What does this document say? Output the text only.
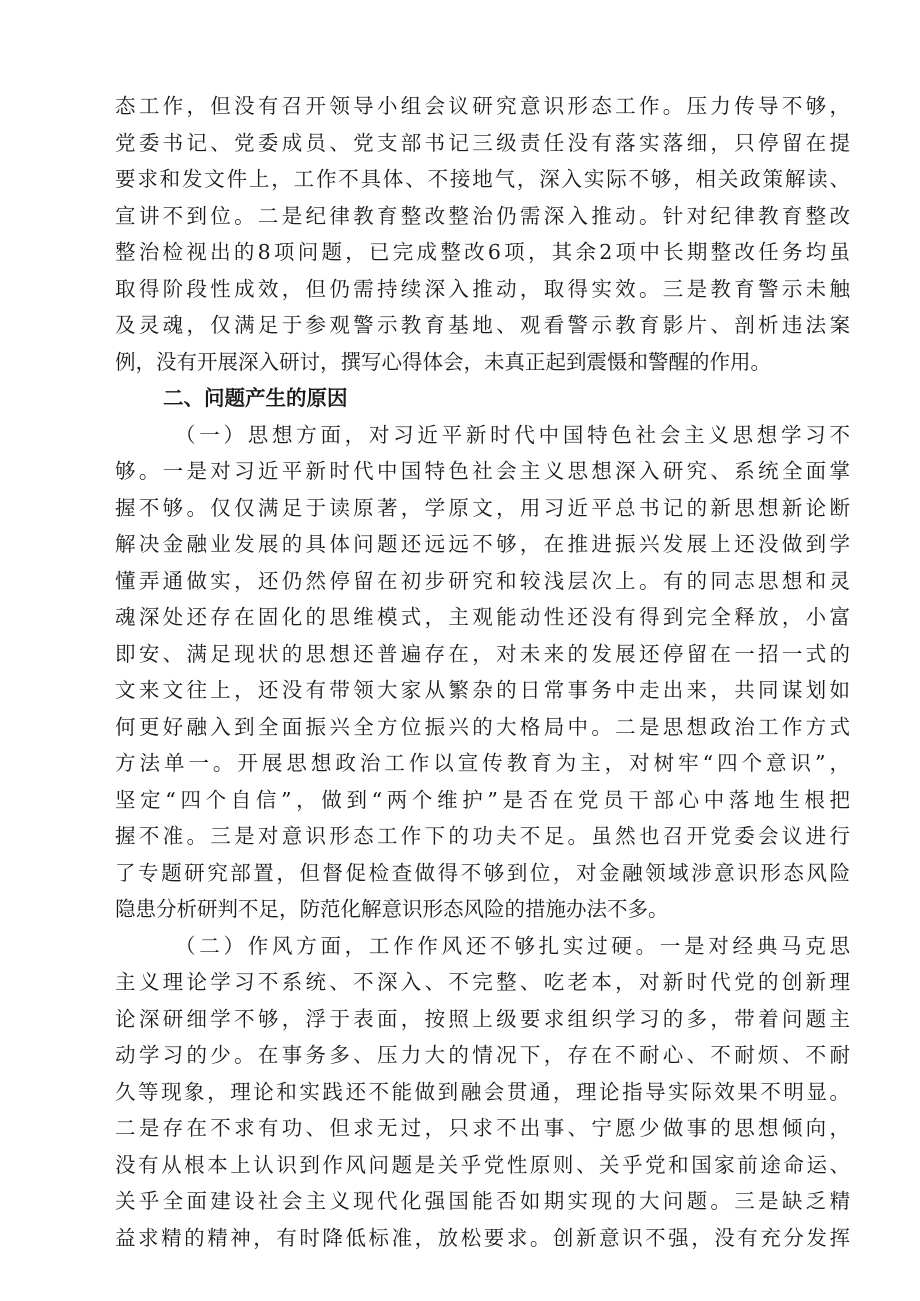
态工作，但没有召开领导小组会议研究意识形态工作。压力传导不够，
党委书记、党委成员、党支部书记三级责任没有落实落细，只停留在提
要求和发文件上，工作不具体、不接地气，深入实际不够，相关政策解读、
宣讲不到位。二是纪律教育整改整治仍需深入推动。针对纪律教育整改
整治检视出的8项问题，已完成整改6项，其余2项中长期整改任务均虽
取得阶段性成效，但仍需持续深入推动，取得实效。三是教育警示未触
及灵魂，仅满足于参观警示教育基地、观看警示教育影片、剖析违法案
例，没有开展深入研讨，撰写心得体会，未真正起到震慑和警醒的作用。
二、问题产生的原因
（一）思想方面，对习近平新时代中国特色社会主义思想学习不
够。一是对习近平新时代中国特色社会主义思想深入研究、系统全面掌
握不够。仅仅满足于读原著，学原文，用习近平总书记的新思想新论断
解决金融业发展的具体问题还远远不够，在推进振兴发展上还没做到学
懂弄通做实，还仍然停留在初步研究和较浅层次上。有的同志思想和灵
魂深处还存在固化的思维模式，主观能动性还没有得到完全释放，小富
即安、满足现状的思想还普遍存在，对未来的发展还停留在一招一式的
文来文往上，还没有带领大家从繁杂的日常事务中走出来，共同谋划如
何更好融入到全面振兴全方位振兴的大格局中。二是思想政治工作方式
方法单一。开展思想政治工作以宣传教育为主，对树牢“四个意识”，
坚定“四个自信”，做到“两个维护”是否在党员干部心中落地生根把
握不准。三是对意识形态工作下的功夫不足。虽然也召开党委会议进行
了专题研究部置，但督促检查做得不够到位，对金融领域涉意识形态风险
隐患分析研判不足，防范化解意识形态风险的措施办法不多。
（二）作风方面，工作作风还不够扎实过硬。一是对经典马克思
主义理论学习不系统、不深入、不完整、吃老本，对新时代党的创新理
论深研细学不够，浮于表面，按照上级要求组织学习的多，带着问题主
动学习的少。在事务多、压力大的情况下，存在不耐心、不耐烦、不耐
久等现象，理论和实践还不能做到融会贯通，理论指导实际效果不明显。
二是存在不求有功、但求无过，只求不出事、宁愿少做事的思想倾向，
没有从根本上认识到作风问题是关乎党性原则、关乎党和国家前途命运、
关乎全面建设社会主义现代化强国能否如期实现的大问题。三是缺乏精
益求精的精神，有时降低标准，放松要求。创新意识不强，没有充分发挥
